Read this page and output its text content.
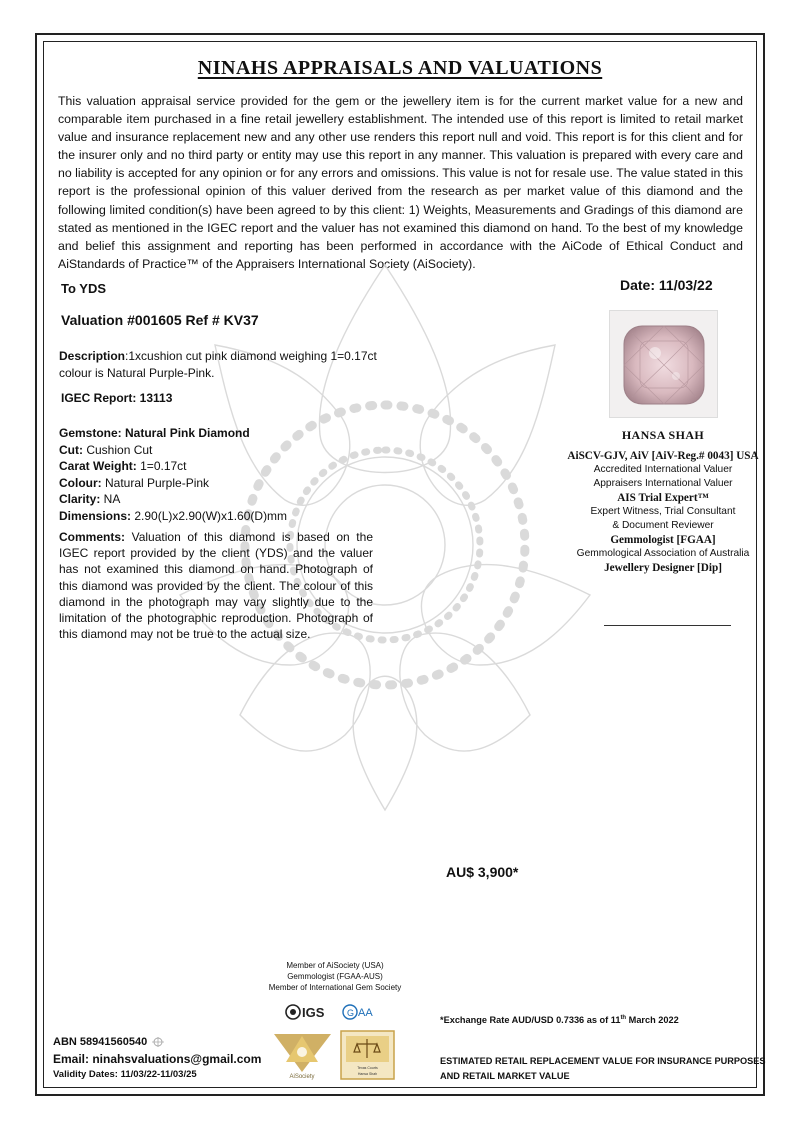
NINAHS APPRAISALS AND VALUATIONS
This valuation appraisal service provided for the gem or the jewellery item is for the current market value for a new and comparable item purchased in a fine retail jewellery establishment. The intended use of this report is limited to retail market value and insurance replacement new and any other use renders this report null and void. This report is for this client and for the insurer only and no third party or entity may use this report in any manner. This valuation is prepared with every care and no liability is accepted for any opinion or for any errors and omissions. This value is not for resale use. The value stated in this report is the professional opinion of this valuer derived from the research as per market value of this diamond and the following limited condition(s) have been agreed to by this client: 1) Weights, Measurements and Gradings of this diamond are stated as mentioned in the IGEC report and the valuer has not examined this diamond on hand. To the best of my knowledge and belief this assignment and reporting has been performed in accordance with the AiCode of Ethical Conduct and AiStandards of Practice™ of the Appraisers International Society (AiSociety).
To YDS	Date: 11/03/22
Valuation #001605 Ref # KV37
Description:1xcushion cut pink diamond weighing 1=0.17ct colour is Natural Purple-Pink.
IGEC Report: 13113
Gemstone: Natural Pink Diamond
Cut: Cushion Cut
Carat Weight: 1=0.17ct
Colour: Natural Purple-Pink
Clarity: NA
Dimensions: 2.90(L)x2.90(W)x1.60(D)mm
Comments: Valuation of this diamond is based on the IGEC report provided by the client (YDS) and the valuer has not examined this diamond on hand. Photograph of this diamond was provided by the client. The colour of this diamond in the photograph may vary slightly due to the limitation of the photographic reproduction. Photograph of this diamond may not be true to the actual size.
HANSA SHAH
AiSCV-GJV, AiV [AiV-Reg.# 0043] USA
Accredited International Valuer
Appraisers International Valuer
AIS Trial Expert™
Expert Witness, Trial Consultant
& Document Reviewer
Gemmologist [FGAA]
Gemmological Association of Australia
Jewellery Designer [Dip]
AU$ 3,900*
Member of AiSociety (USA)
Gemmologist (FGAA-AUS)
Member of International Gem Society
IGS	G AA
AiSociety
Texas Courts
Hansa Shah
*Exchange Rate AUD/USD 0.7336 as of 11th March 2022
ESTIMATED RETAIL REPLACEMENT VALUE FOR INSURANCE PURPOSES
AND RETAIL MARKET VALUE
ABN 58941560540
Email: ninahsvaluations@gmail.com
Validity Dates: 11/03/22-11/03/25
